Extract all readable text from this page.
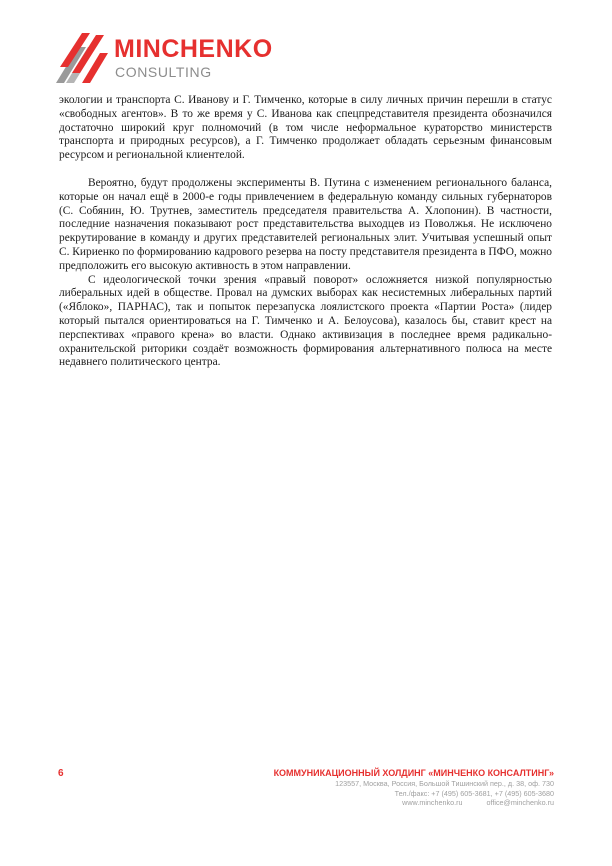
MINCHENKO
CONSULTING

экологии и транспорта С. Иванову и Г. Тимченко, которые в силу личных причин перешли в статус «свободных агентов». В то же время у С. Иванова как спецпредставителя президента обозначился достаточно широкий круг полномочий (в том числе неформальное кураторство министерств транспорта и природных ресурсов), а Г. Тимченко продолжает обладать серьезным финансовым ресурсом и региональной клиентелой.

Вероятно, будут продолжены эксперименты В. Путина с изменением регионального баланса, которые он начал ещё в 2000-е годы привлечением в федеральную команду сильных губернаторов (С. Собянин, Ю. Трутнев, заместитель председателя правительства А. Хлопонин). В частности, последние назначения показывают рост представительства выходцев из Поволжья. Не исключено рекрутирование в команду и других представителей региональных элит. Учитывая успешный опыт С. Кириенко по формированию кадрового резерва на посту представителя президента в ПФО, можно предположить его высокую активность в этом направлении.

С идеологической точки зрения «правый поворот» осложняется низкой популярностью либеральных идей в обществе. Провал на думских выборах как несистемных либеральных партий («Яблоко», ПАРНАС), так и попыток перезапуска лоялистского проекта «Партии Роста» (лидер который пытался ориентироваться на Г. Тимченко и А. Белоусова), казалось бы, ставит крест на перспективах «правого крена» во власти. Однако активизация в последнее время радикально-охранительской риторики создаёт возможность формирования альтернативного полюса на месте недавнего политического центра.

6	КОММУНИКАЦИОННЫЙ ХОЛДИНГ «МИНЧЕНКО КОНСАЛТИНГ»
123557, Москва, Россия, Большой Тишинский пер., д. 38, оф. 730
Тел./факс: +7 (495) 605-3681, +7 (495) 605-3680
www.minchenko.ru	office@minchenko.ru
